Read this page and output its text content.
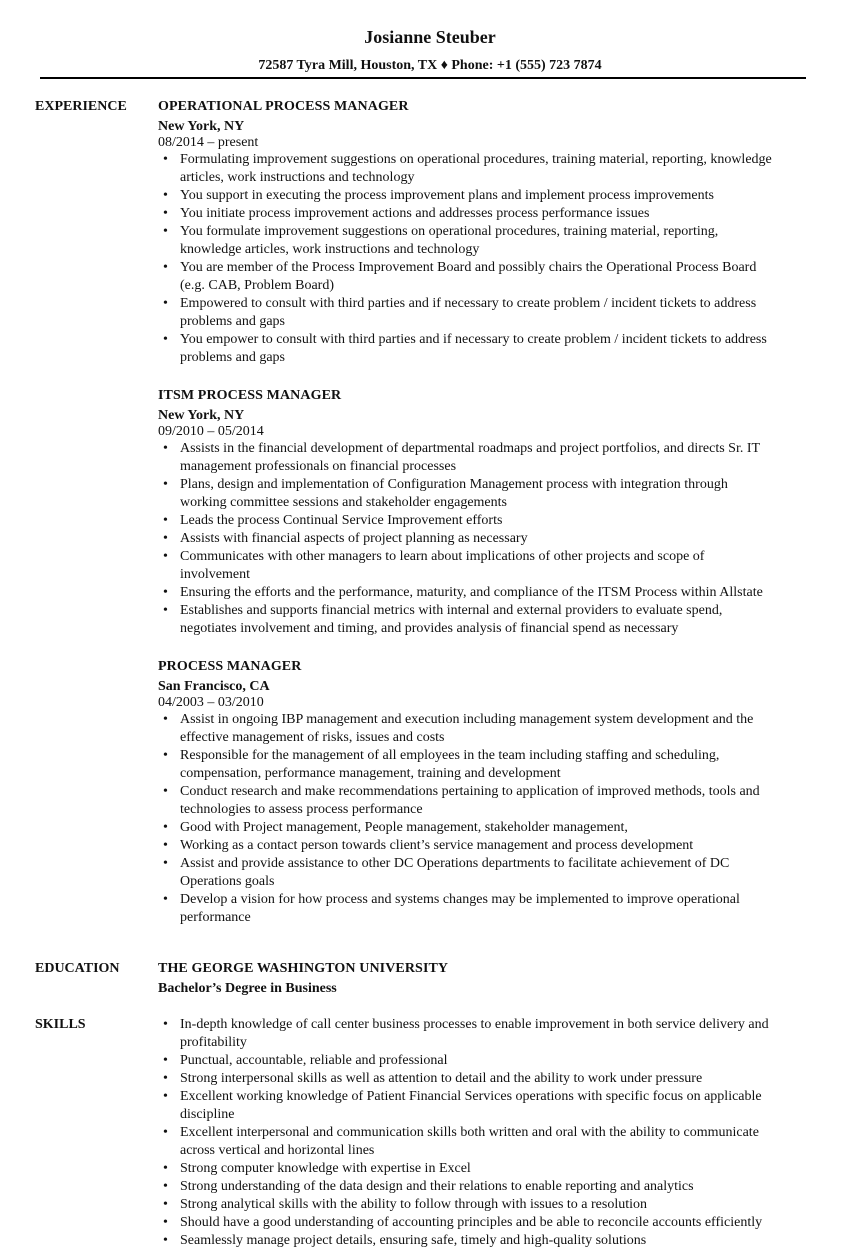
Josianne Steuber
72587 Tyra Mill, Houston, TX ♦ Phone: +1 (555) 723 7874
EXPERIENCE OPERATIONAL PROCESS MANAGER
New York, NY
08/2014 – present
• Formulating improvement suggestions on operational procedures, training material, reporting, knowledge
articles, work instructions and technology
• You support in executing the process improvement plans and implement process improvements
• You initiate process improvement actions and addresses process performance issues
• You formulate improvement suggestions on operational procedures, training material, reporting,
knowledge articles, work instructions and technology
• You are member of the Process Improvement Board and possibly chairs the Operational Process Board
(e.g. CAB, Problem Board)
• Empowered to consult with third parties and if necessary to create problem / incident tickets to address
problems and gaps
• You empower to consult with third parties and if necessary to create problem / incident tickets to address
problems and gaps
ITSM PROCESS MANAGER
New York, NY
09/2010 – 05/2014
• Assists in the financial development of departmental roadmaps and project portfolios, and directs Sr. IT
management professionals on financial processes
• Plans, design and implementation of Configuration Management process with integration through
working committee sessions and stakeholder engagements
• Leads the process Continual Service Improvement efforts
• Assists with financial aspects of project planning as necessary
• Communicates with other managers to learn about implications of other projects and scope of
involvement
• Ensuring the efforts and the performance, maturity, and compliance of the ITSM Process within Allstate
• Establishes and supports financial metrics with internal and external providers to evaluate spend,
negotiates involvement and timing, and provides analysis of financial spend as necessary
PROCESS MANAGER
San Francisco, CA
04/2003 – 03/2010
• Assist in ongoing IBP management and execution including management system development and the
effective management of risks, issues and costs
• Responsible for the management of all employees in the team including staffing and scheduling,
compensation, performance management, training and development
• Conduct research and make recommendations pertaining to application of improved methods, tools and
technologies to assess process performance
• Good with Project management, People management, stakeholder management,
• Working as a contact person towards client’s service management and process development
• Assist and provide assistance to other DC Operations departments to facilitate achievement of DC
Operations goals
• Develop a vision for how process and systems changes may be implemented to improve operational
performance
EDUCATION	THE GEORGE WASHINGTON UNIVERSITY
Bachelor’s Degree in Business
SKILLS	• In-depth knowledge of call center business processes to enable improvement in both service delivery and
profitability
• Punctual, accountable, reliable and professional
• Strong interpersonal skills as well as attention to detail and the ability to work under pressure
• Excellent working knowledge of Patient Financial Services operations with specific focus on applicable
discipline
• Excellent interpersonal and communication skills both written and oral with the ability to communicate
across vertical and horizontal lines
• Strong computer knowledge with expertise in Excel
• Strong understanding of the data design and their relations to enable reporting and analytics
• Strong analytical skills with the ability to follow through with issues to a resolution
• Should have a good understanding of accounting principles and be able to reconcile accounts efficiently
• Seamlessly manage project details, ensuring safe, timely and high-quality solutions
